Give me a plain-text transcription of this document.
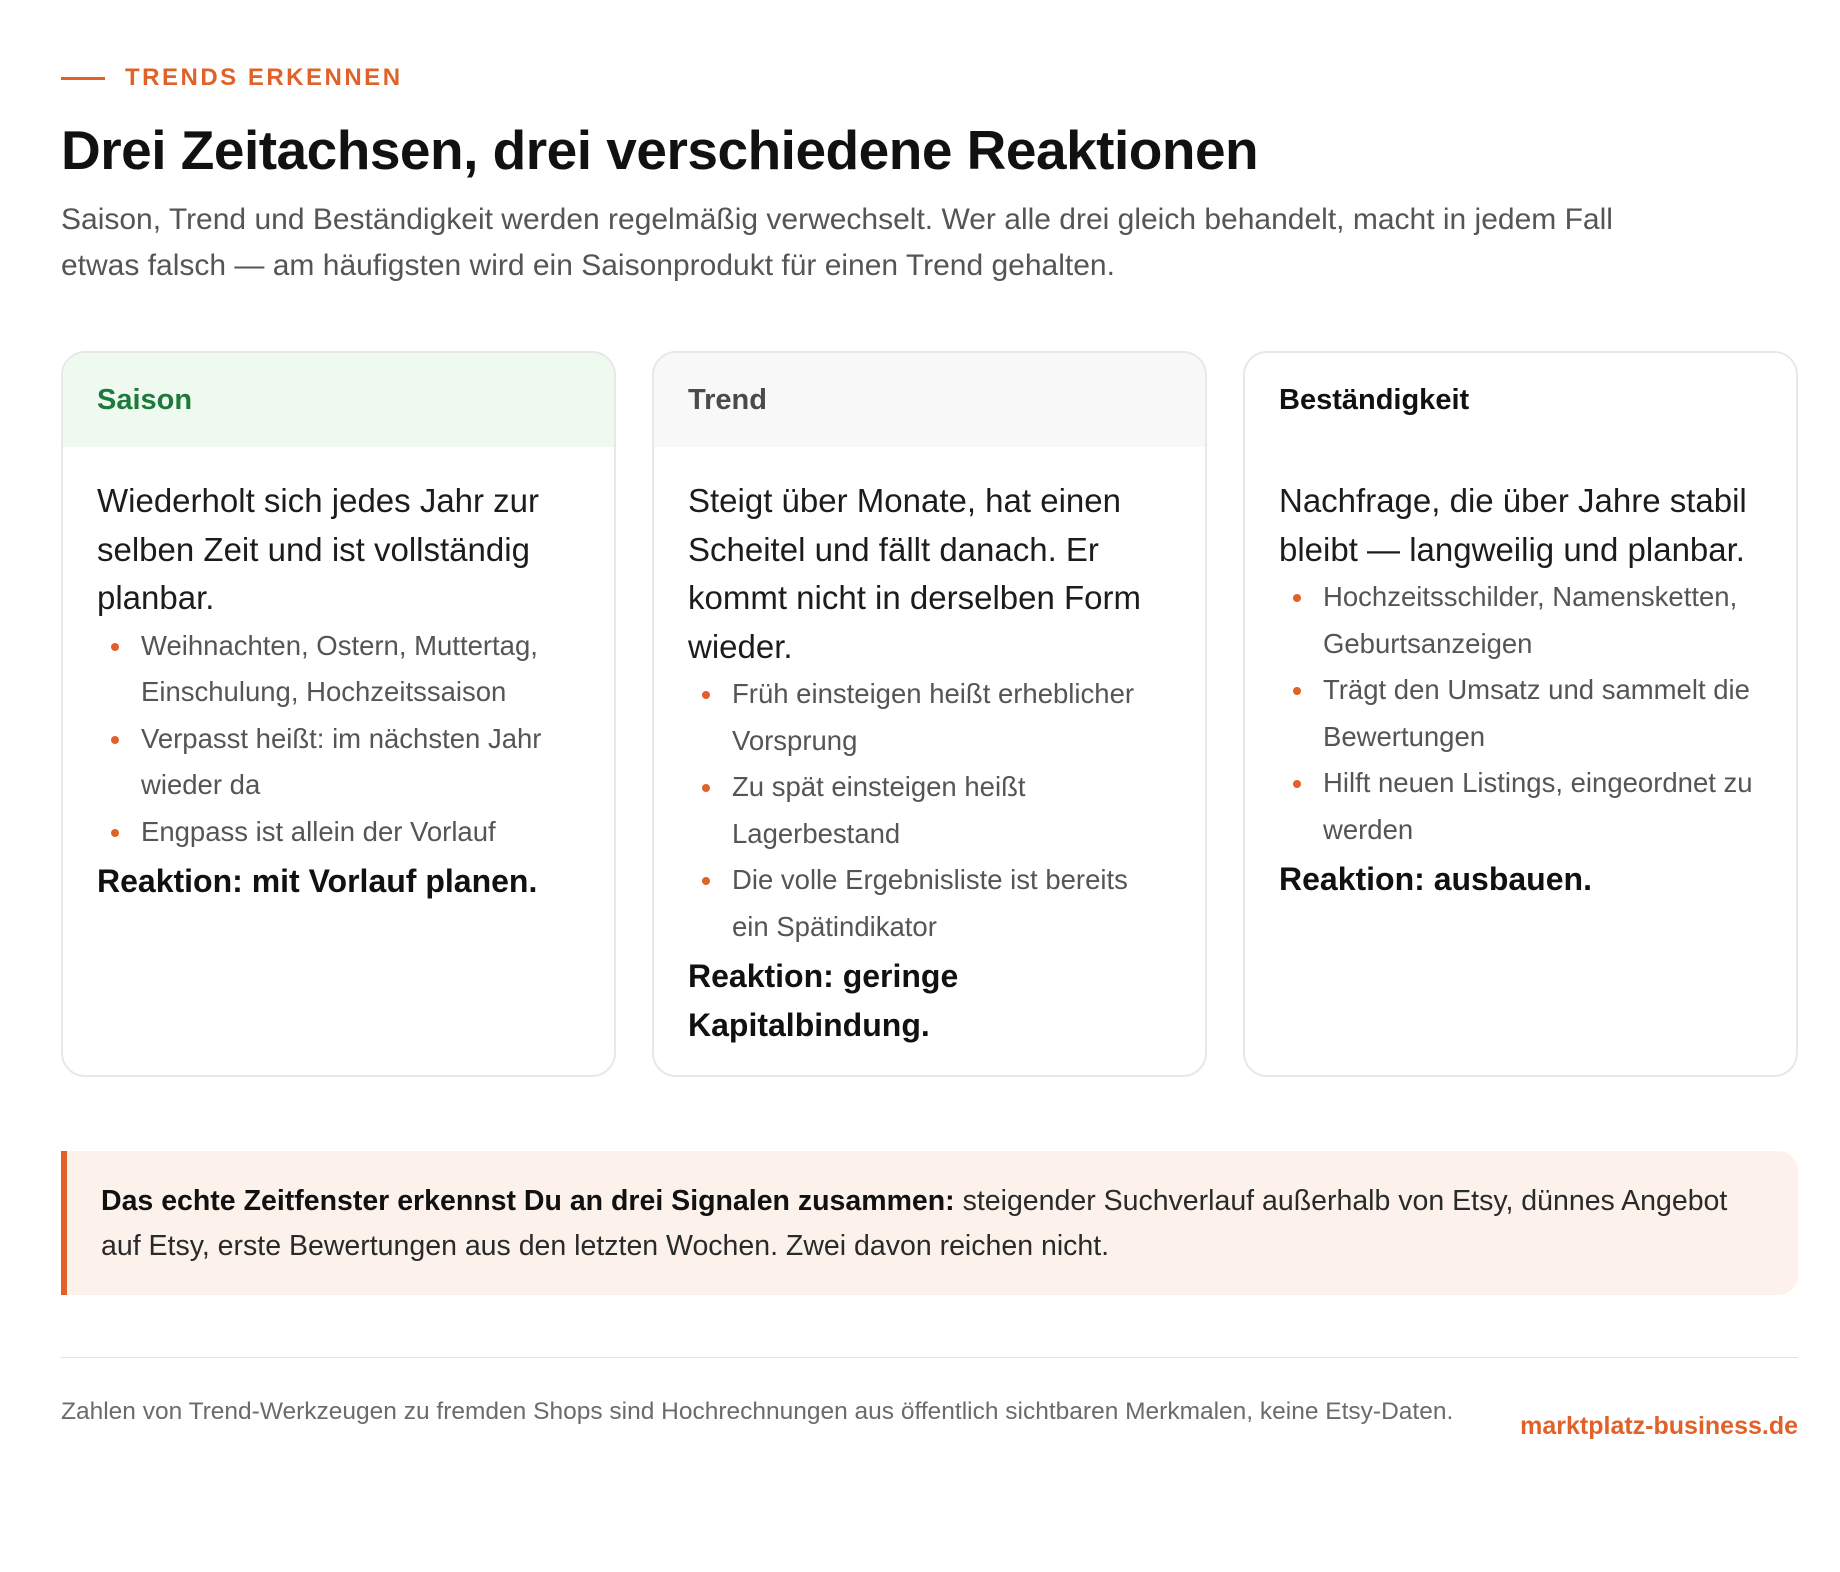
TRENDS ERKENNEN
Drei Zeitachsen, drei verschiedene Reaktionen

Saison, Trend und Beständigkeit werden regelmäßig verwechselt. Wer alle drei gleich behandelt, macht in jedem Fall etwas falsch — am häufigsten wird ein Saisonprodukt für einen Trend gehalten.

Saison

Wiederholt sich jedes Jahr zur selben Zeit und ist vollständig planbar.

Weihnachten, Ostern, Muttertag, Einschulung, Hochzeitssaison
Verpasst heißt: im nächsten Jahr wieder da
Engpass ist allein der Vorlauf

Reaktion: mit Vorlauf planen.

Trend

Steigt über Monate, hat einen Scheitel und fällt danach. Er kommt nicht in derselben Form wieder.

Früh einsteigen heißt erheblicher Vorsprung
Zu spät einsteigen heißt Lagerbestand
Die volle Ergebnisliste ist bereits ein Spätindikator

Reaktion: geringe Kapitalbindung.

Beständigkeit

Nachfrage, die über Jahre stabil bleibt — langweilig und planbar.

Hochzeitsschilder, Namensketten, Geburtsanzeigen
Trägt den Umsatz und sammelt die Bewertungen
Hilft neuen Listings, eingeordnet zu werden

Reaktion: ausbauen.

Das echte Zeitfenster erkennst Du an drei Signalen zusammen: steigender Suchverlauf außerhalb von Etsy, dünnes Angebot auf Etsy, erste Bewertungen aus den letzten Wochen. Zwei davon reichen nicht.

Zahlen von Trend-Werkzeugen zu fremden Shops sind Hochrechnungen aus öffentlich sichtbaren Merkmalen, keine Etsy-Daten.

marktplatz-business.de
